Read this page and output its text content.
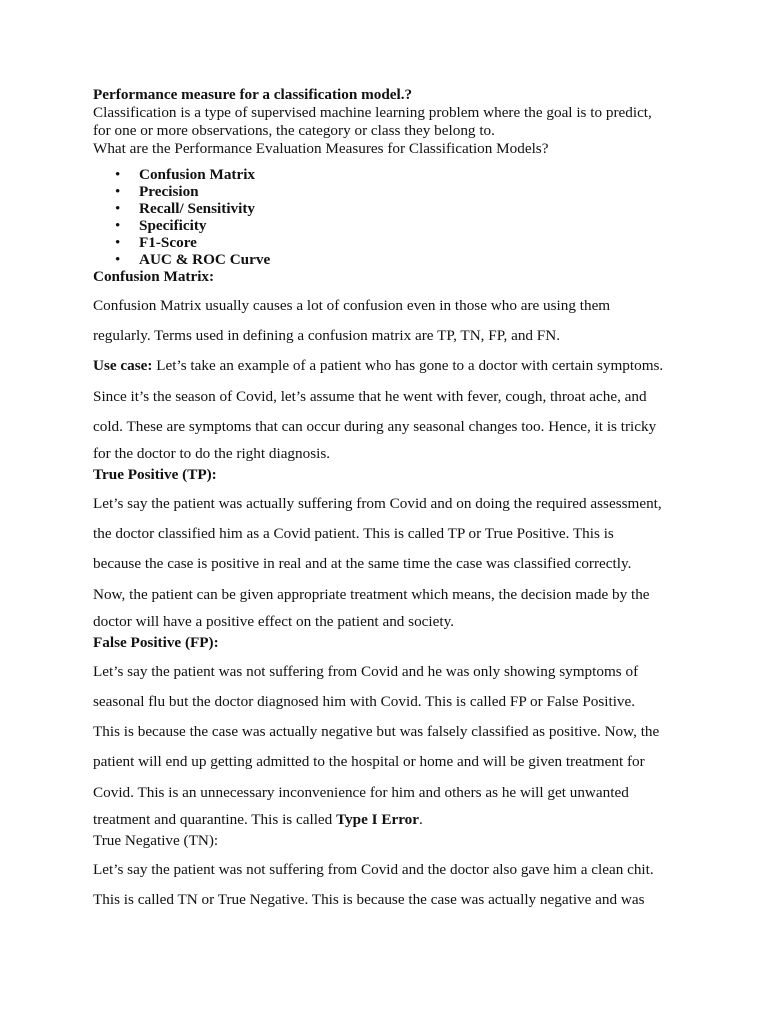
Performance measure for a classification model.?

Classification is a type of supervised machine learning problem where the goal is to predict,

for one or more observations, the category or class they belong to.

What are the Performance Evaluation Measures for Classification Models?

• Confusion Matrix
• Precision
• Recall/ Sensitivity
• Specificity
• F1-Score
• AUC & ROC Curve

Confusion Matrix:

Confusion Matrix usually causes a lot of confusion even in those who are using them
regularly. Terms used in defining a confusion matrix are TP, TN, FP, and FN.
Use case: Let’s take an example of a patient who has gone to a doctor with certain symptoms.
Since it’s the season of Covid, let’s assume that he went with fever, cough, throat ache, and
cold. These are symptoms that can occur during any seasonal changes too. Hence, it is tricky
for the doctor to do the right diagnosis.

True Positive (TP):

Let’s say the patient was actually suffering from Covid and on doing the required assessment,
the doctor classified him as a Covid patient. This is called TP or True Positive. This is
because the case is positive in real and at the same time the case was classified correctly.
Now, the patient can be given appropriate treatment which means, the decision made by the
doctor will have a positive effect on the patient and society.

False Positive (FP):

Let’s say the patient was not suffering from Covid and he was only showing symptoms of
seasonal flu but the doctor diagnosed him with Covid. This is called FP or False Positive.
This is because the case was actually negative but was falsely classified as positive. Now, the
patient will end up getting admitted to the hospital or home and will be given treatment for
Covid. This is an unnecessary inconvenience for him and others as he will get unwanted
treatment and quarantine. This is called Type I Error.

True Negative (TN):

Let’s say the patient was not suffering from Covid and the doctor also gave him a clean chit.
This is called TN or True Negative. This is because the case was actually negative and was
